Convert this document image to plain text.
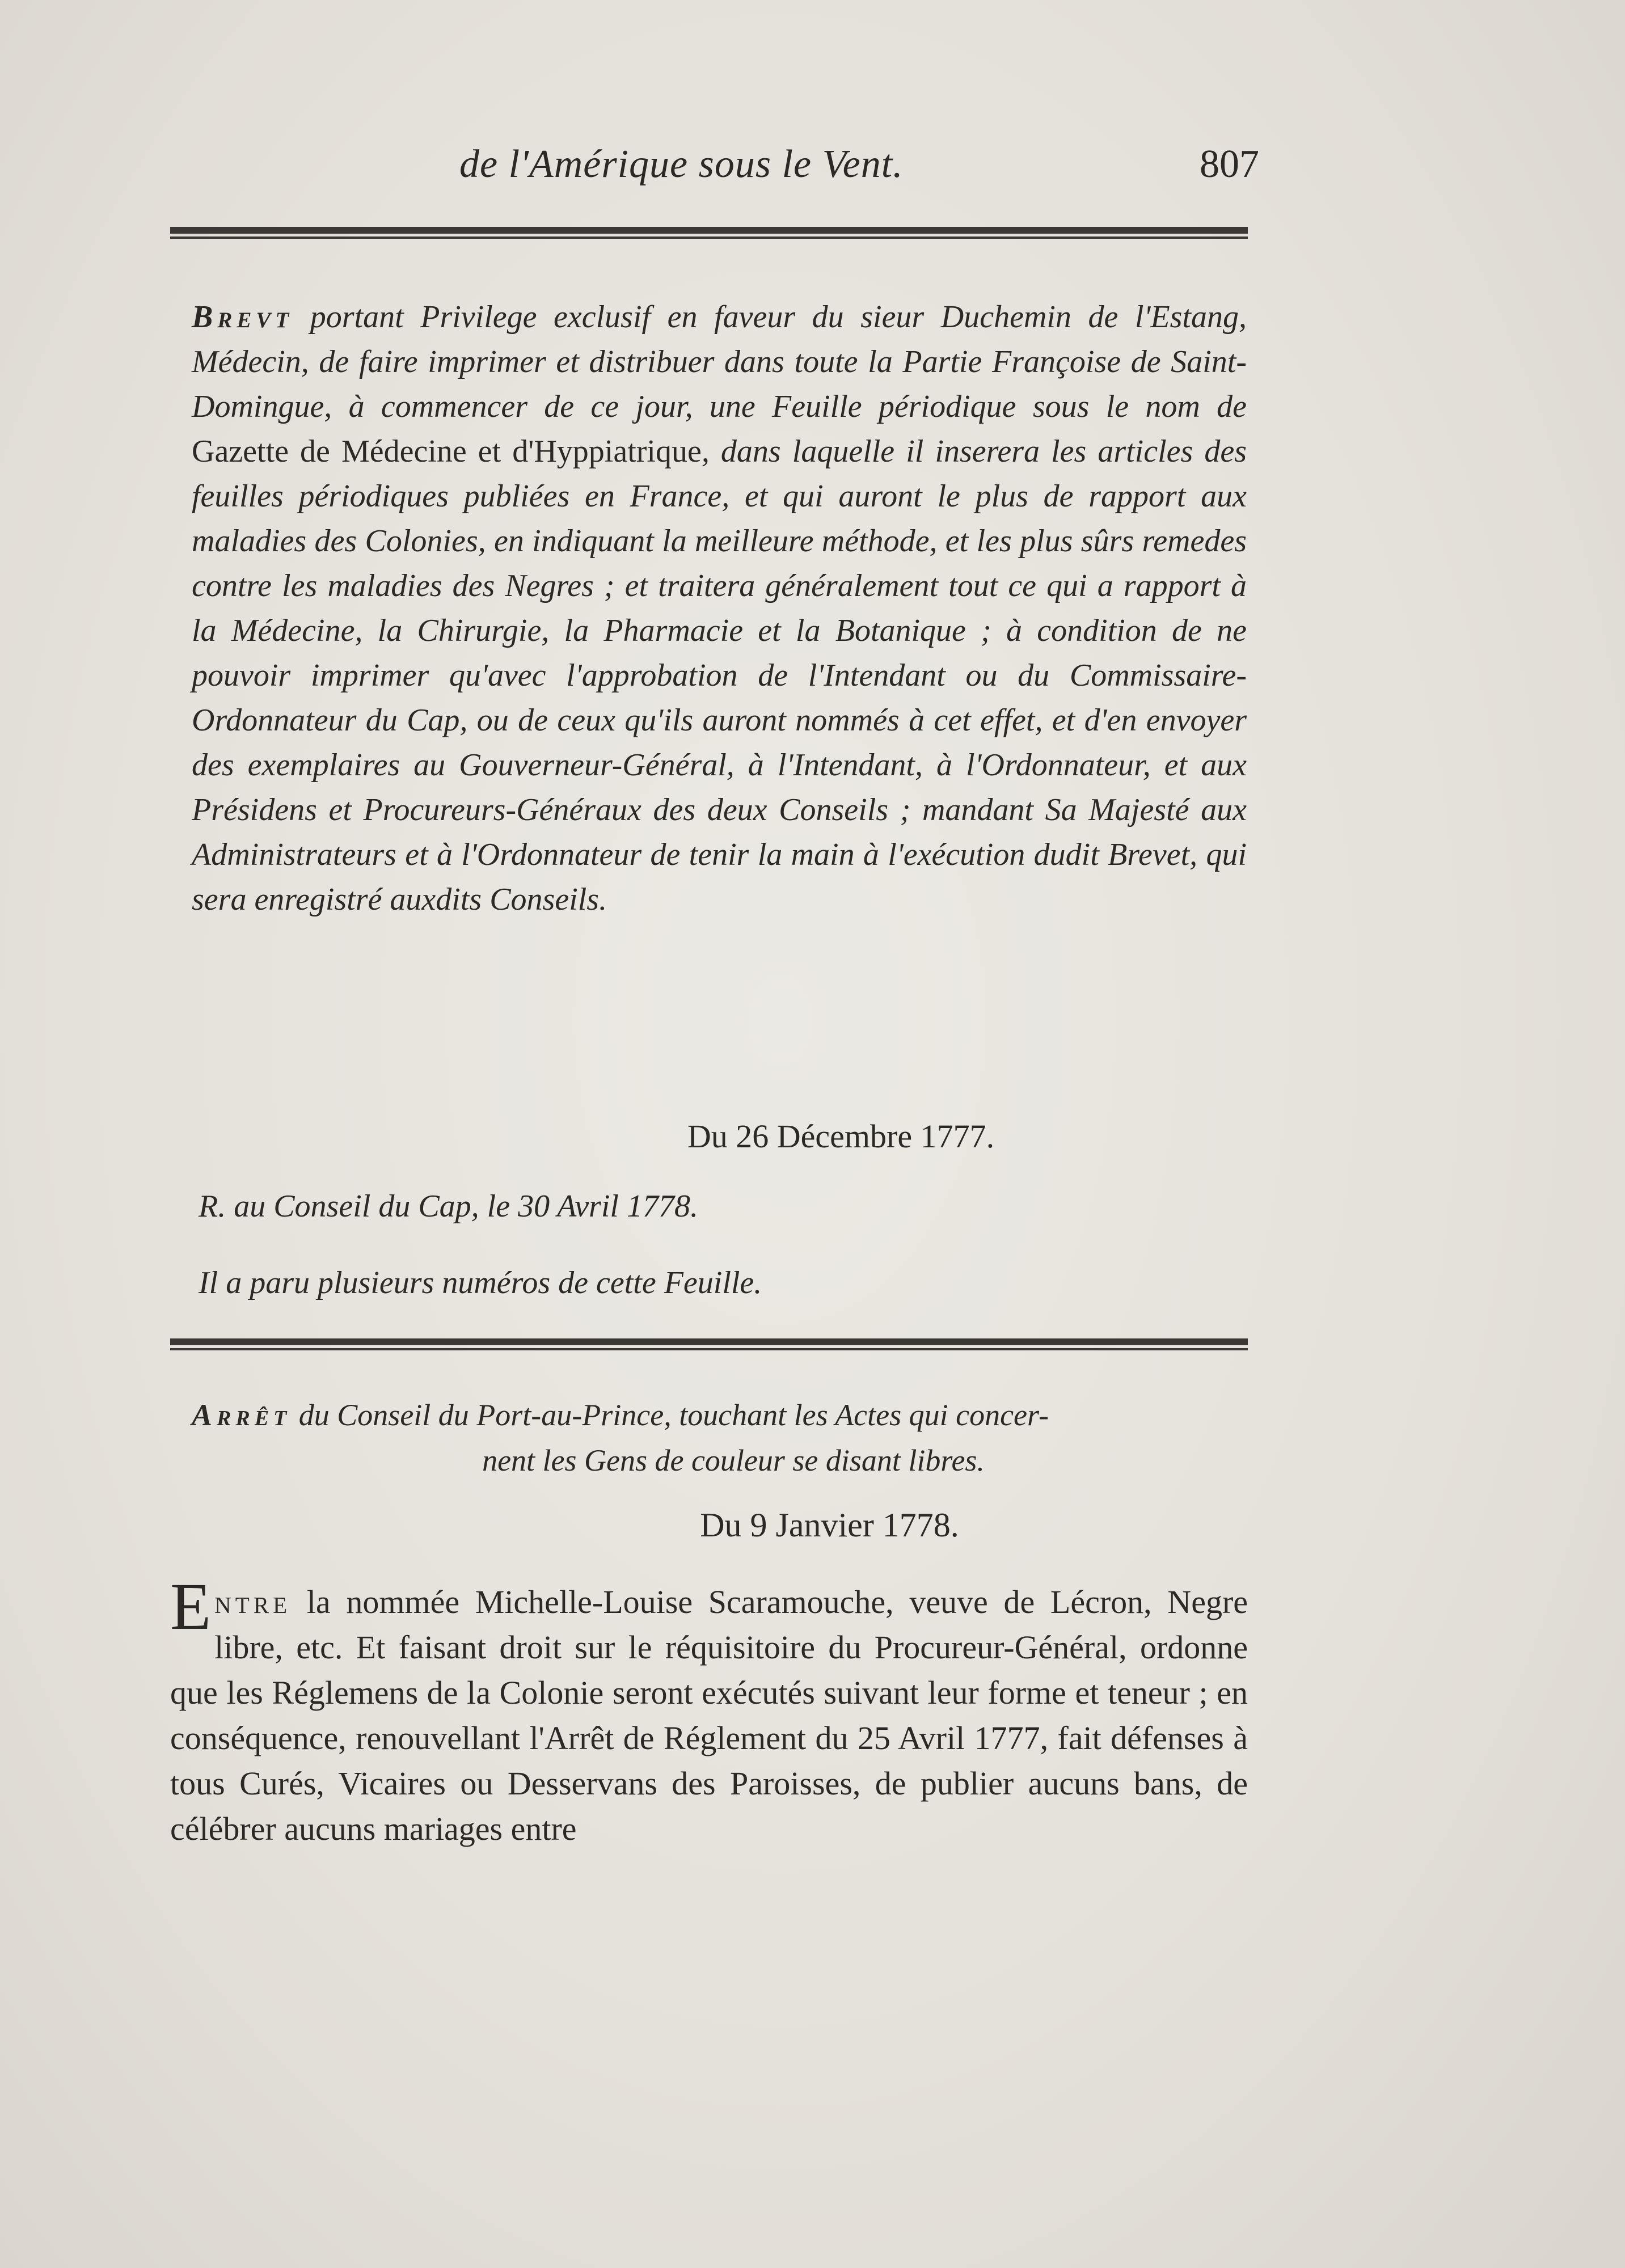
de l'Amérique sous le Vent.	807
Brevt portant Privilege exclusif en faveur du sieur Duchemin de l'Estang, Médecin, de faire imprimer et distribuer dans toute la Partie Françoise de Saint-Domingue, à commencer de ce jour, une Feuille périodique sous le nom de Gazette de Médecine et d'Hyppiatrique, dans laquelle il inserera les articles des feuilles périodiques publiées en France, et qui auront le plus de rapport aux maladies des Colonies, en indiquant la meilleure méthode, et les plus sûrs remedes contre les maladies des Negres ; et traitera généralement tout ce qui a rapport à la Médecine, la Chirurgie, la Pharmacie et la Botanique ; à condition de ne pouvoir imprimer qu'avec l'approbation de l'Intendant ou du Commissaire-Ordonnateur du Cap, ou de ceux qu'ils auront nommés à cet effet, et d'en envoyer des exemplaires au Gouverneur-Général, à l'Intendant, à l'Ordonnateur, et aux Présidens et Procureurs-Généraux des deux Conseils ; mandant Sa Majesté aux Administrateurs et à l'Ordonnateur de tenir la main à l'exécution dudit Brevet, qui sera enregistré auxdits Conseils.
Du 26 Décembre 1777.
R. au Conseil du Cap, le 30 Avril 1778.
Il a paru plusieurs numéros de cette Feuille.
Arrêt du Conseil du Port-au-Prince, touchant les Actes qui concer-
nent les Gens de couleur se disant libres.
Du 9 Janvier 1778.
Entre la nommée Michelle-Louise Scaramouche, veuve de Lécron, Negre libre, etc. Et faisant droit sur le réquisitoire du Procureur-Général, ordonne que les Réglemens de la Colonie seront exécutés suivant leur forme et teneur ; en conséquence, renouvellant l'Arrêt de Réglement du 25 Avril 1777, fait défenses à tous Curés, Vicaires ou Desservans des Paroisses, de publier aucuns bans, de célébrer aucuns mariages entre
